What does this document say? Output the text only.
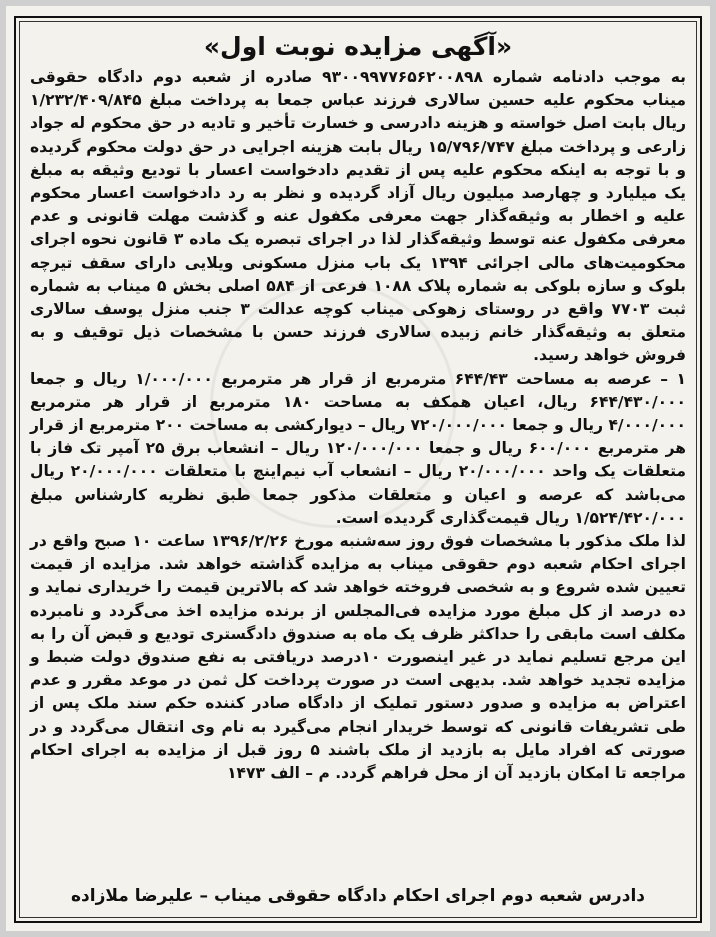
«آگهی مزایده نوبت اول»

به موجب دادنامه شماره ۹۳۰۰۹۹۷۷۶۵۶۲۰۰۸۹۸ صادره از شعبه دوم دادگاه حقوقی میناب محکوم علیه حسین سالاری فرزند عباس جمعا به پرداخت مبلغ ۱/۲۳۲/۴۰۹/۸۴۵ ریال بابت اصل خواسته و هزینه دادرسی و خسارت تأخیر و تادیه در حق محکوم له جواد زارعی و پرداخت مبلغ ۱۵/۷۹۶/۷۴۷ ریال بابت هزینه اجرایی در حق دولت محکوم گردیده و با توجه به اینکه محکوم علیه پس از تقدیم دادخواست اعسار با تودیع وثیقه به مبلغ یک میلیارد و چهارصد میلیون ریال آزاد گردیده و نظر به رد دادخواست اعسار محکوم علیه و اخطار به وثیقه‌گذار جهت معرفی مکفول عنه و گذشت مهلت قانونی و عدم معرفی مکفول عنه توسط وثیقه‌گذار لذا در اجرای تبصره یک ماده ۳ قانون نحوه اجرای محکومیت‌های مالی اجرائی ۱۳۹۴ یک باب منزل مسکونی ویلایی دارای سقف تیرچه بلوک و سازه بلوکی به شماره پلاک ۱۰۸۸ فرعی از ۵۸۴ اصلی بخش ۵ میناب به شماره ثبت ۷۷۰۳ واقع در روستای زهوکی میناب کوچه عدالت ۳ جنب منزل یوسف سالاری متعلق به وثیقه‌گذار خانم زبیده سالاری فرزند حسن با مشخصات ذیل توقیف و به فروش خواهد رسید.

۱ – عرصه به مساحت ۶۴۴/۴۳ مترمربع از قرار هر مترمربع ۱/۰۰۰/۰۰۰ ریال و جمعا ۶۴۴/۴۳۰/۰۰۰ ریال، اعیان همکف به مساحت ۱۸۰ مترمربع از قرار هر مترمربع ۴/۰۰۰/۰۰۰ ریال و جمعا ۷۲۰/۰۰۰/۰۰۰ ریال – دیوارکشی به مساحت ۲۰۰ مترمربع از قرار هر مترمربع ۶۰۰/۰۰۰ ریال و جمعا ۱۲۰/۰۰۰/۰۰۰ ریال – انشعاب برق ۲۵ آمپر تک فاز با متعلقات یک واحد ۲۰/۰۰۰/۰۰۰ ریال – انشعاب آب نیم‌اینچ با متعلقات ۲۰/۰۰۰/۰۰۰ ریال می‌باشد که عرصه و اعیان و متعلقات مذکور جمعا طبق نظریه کارشناس مبلغ ۱/۵۲۴/۴۲۰/۰۰۰ ریال قیمت‌گذاری گردیده است.

لذا ملک مذکور با مشخصات فوق روز سه‌شنبه مورخ ۱۳۹۶/۲/۲۶ ساعت ۱۰ صبح واقع در اجرای احکام شعبه دوم حقوقی میناب به مزایده گذاشته خواهد شد. مزایده از قیمت تعیین شده شروع و به شخصی فروخته خواهد شد که بالاترین قیمت را خریداری نماید و ده درصد از کل مبلغ مورد مزایده فی‌المجلس از برنده مزایده اخذ می‌گردد و نامبرده مکلف است مابقی را حداکثر ظرف یک ماه به صندوق دادگستری تودیع و قبض آن را به این مرجع تسلیم نماید در غیر اینصورت ۱۰درصد دریافتی به نفع صندوق دولت ضبط و مزایده تجدید خواهد شد. بدیهی است در صورت پرداخت کل ثمن در موعد مقرر و عدم اعتراض به مزایده و صدور دستور تملیک از دادگاه صادر کننده حکم سند ملک پس از طی تشریفات قانونی که توسط خریدار انجام می‌گیرد به نام وی انتقال می‌گردد و در صورتی که افراد مایل به بازدید از ملک باشند ۵ روز قبل از مزایده به اجرای احکام مراجعه تا امکان بازدید آن از محل فراهم گردد. م – الف ۱۴۷۳

دادرس شعبه دوم اجرای احکام دادگاه حقوقی میناب – علیرضا ملازاده
